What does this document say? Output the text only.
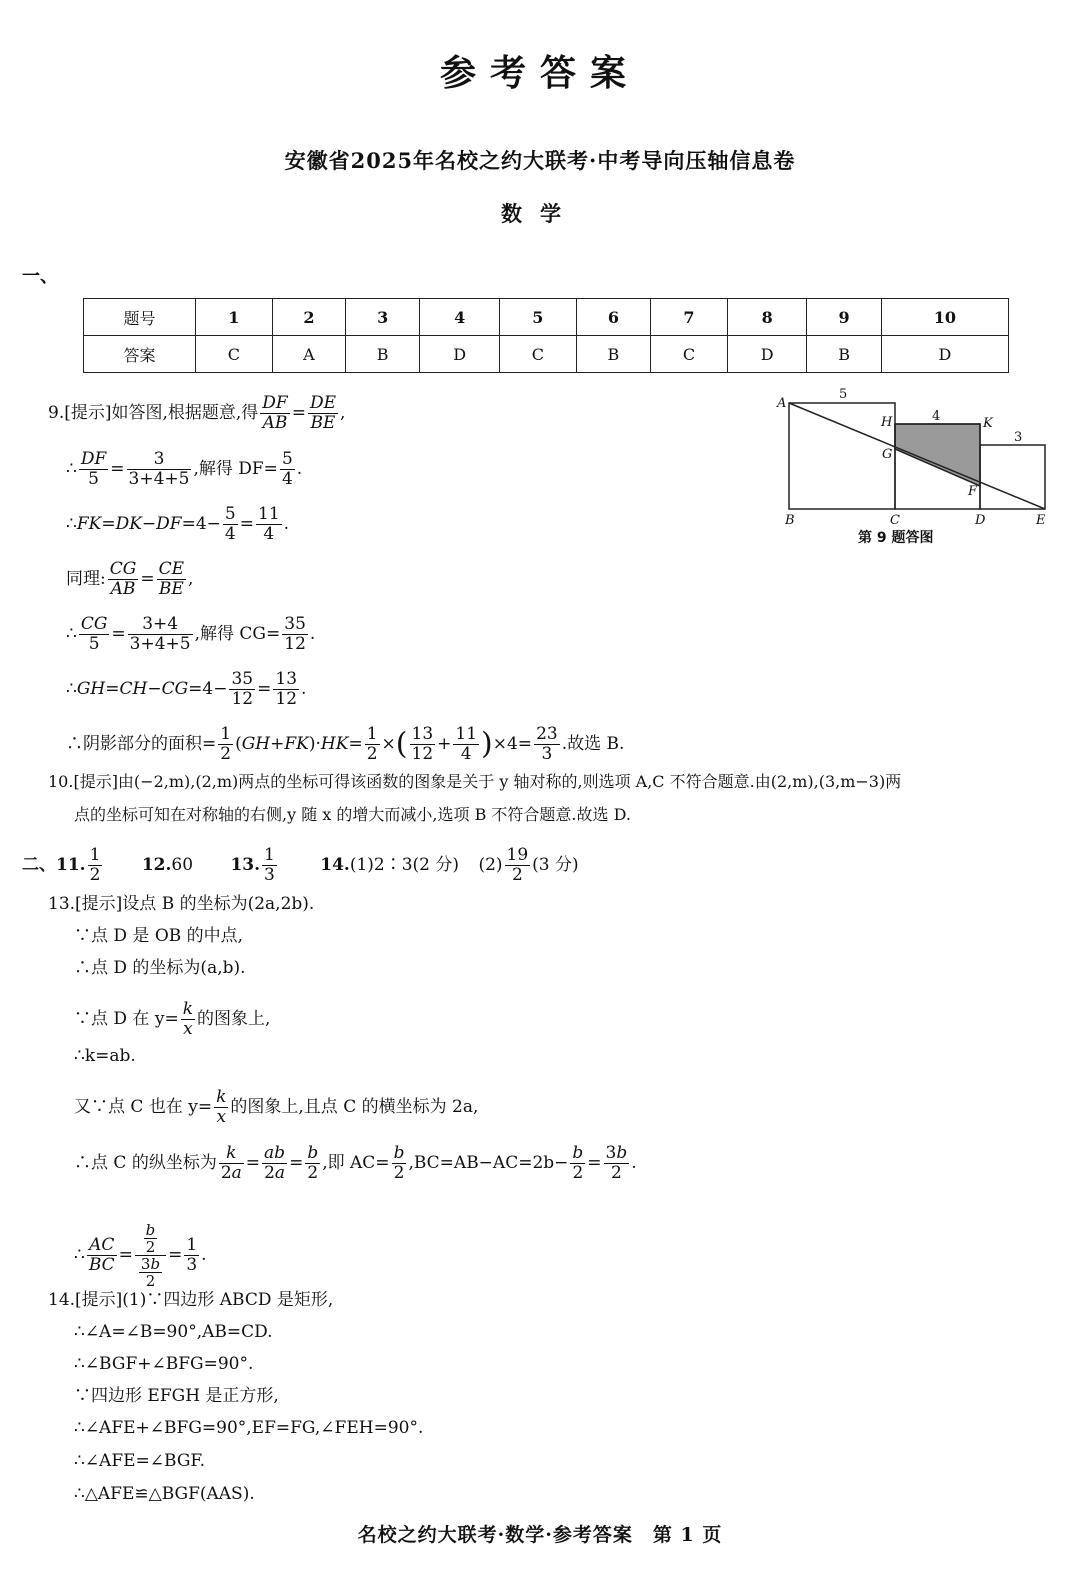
参考答案
安徽省2025年名校之约大联考·中考导向压轴信息卷
数学
一、
题号	1	2	3	4	5	6	7	8	9	10
答案	C	A	B	D	C	B	C	D	B	D
9.[提示]如答图,根据题意,得 $\frac{DF}{AB} = \frac{DE}{BE}$ ,
∴ $\frac{DF}{5} = \frac{3}{3+4+5}$ ,解得 $DF= \frac{5}{4}$ .
∴FK=DK−DF=4− $\frac{5}{4} = \frac{11}{4}$ .
同理: $\frac{CG}{AB} = \frac{CE}{BE}$ ,
∴ $\frac{CG}{5} = \frac{3+4}{3+4+5}$ ,解得 $CG= \frac{35}{12}$ .
∴GH=CH−CG=4− $\frac{35}{12} = \frac{13}{12}$ .
∴阴影部分的面积= $\frac{1}{2} (GH+FK)\cdot HK= \frac{1}{2}$ ×( $\frac{13}{12} + \frac{11}{4} )\times 4= \frac{23}{3}$ .故选 B.
A
B	C	D	E
F
G
H	K
5
4
3
第 9 题答图
10.[提示]由(−2,m),(2,m)两点的坐标可得该函数的图象是关于 y 轴对称的,则选项 A,C 不符合题意.由(2,m),(3,m−3)两
点的坐标可知在对称轴的右侧,y 随 x 的增大而减小,选项 B 不符合题意.故选 D.
二、11. $\frac{1}{2} 12.60$ 13. $\frac{1}{3}$	14.(1)2∶3(2 分) $(2) \frac{19}{2} (3$ 分)
13.[提示]设点 B 的坐标为(2a,2b).
∵点 D 是 OB 的中点,
∴点 D 的坐标为(a,b).
∵点 D 在 $y= \frac{k}{x}$ 的图象上,
∴k=ab.
又∵点 C 也在 $y= \frac{k}{x}$ 的图象上,且点 C 的横坐标为 2a,
∴点 C 的纵坐标为 $\frac{k}{2a} = \frac{ab}{2a} = \frac{b}{2}$ ,即 $AC= \frac{b}{2} ,BC=AB-AC=2b- \frac{b}{2} = \frac{3b}{2}$ .
∴ $\frac{AC}{BC} = \frac{\frac{b}{2}}{\frac{3b}{2}} = \frac{1}{3}$ .
14.[提示](1)∵四边形 ABCD 是矩形,
∴∠A=∠B=90°,AB=CD.
∴∠BGF+∠BFG=90°.
∵四边形 EFGH 是正方形,
∴∠AFE+∠BFG=90°,EF=FG,∠FEH=90°.
∴∠AFE=∠BGF.
∴△AFE≌△BGF(AAS).
名校之约大联考·数学·参考答案　第 1 页
